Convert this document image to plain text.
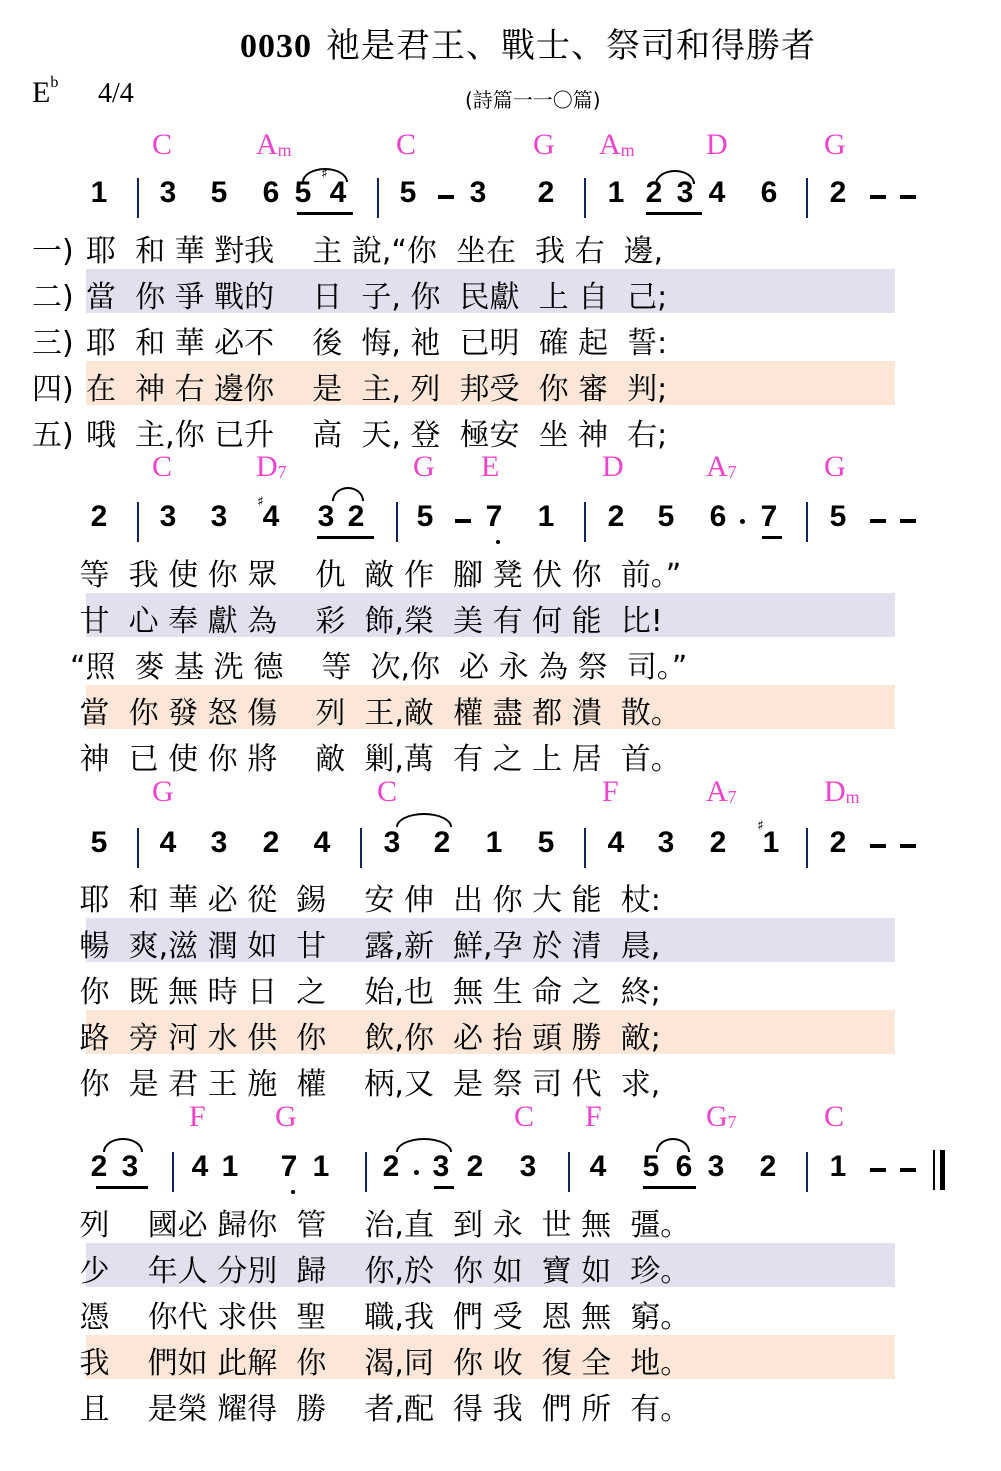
0030 祂是君王、戰士、祭司和得勝者
$E^b$ 4/4	(詩篇一一〇篇)
♯
♯
♯
C	$A_m$	C	G $A_m$ D	G
1 3 5 6 5 4 5 3 2 1 2 3 4 6 2
一) 耶  和 華 對我    主 說,“你  坐在  我 右  邊,
二) 當  你 爭 戰的    日  子, 你  民獻  上 自  己;
三) 耶  和 華 必不    後  悔, 祂  已明  確 起  誓:
四) 在  神 右 邊你    是  主, 列  邦受  你 審  判;
五) 哦  主,你 已升    高  天, 登  極安  坐 神  右;
C	$D_7$	G E	D	$A_7$	G
2 3 3 4 3 2 5 7 1 2 5 6 7 5
等  我 使 你 眾    仇  敵 作  腳 凳 伏 你  前。”
甘  心 奉 獻 為    彩  飾,榮  美 有 何 能  比!
“照  麥 基 洗 德    等  次,你  必 永 為 祭  司。”
當  你 發 怒 傷    列  王,敵  權 盡 都 潰  散。
神  已 使 你 將    敵  剿,萬  有 之 上 居  首。
G	C	F	$A_7$	$D_m$
5 4 3 2 4 3 2 1 5 4 3 2 1 2
耶  和 華 必 從  錫    安 伸  出 你 大 能  杖:
暢  爽,滋 潤 如  甘    露,新  鮮,孕 於 清  晨,
你  既 無 時 日  之    始,也  無 生 命 之  終;
路  旁 河 水 供  你    飲,你  必 抬 頭 勝  敵;
你  是 君 王 施  權    柄,又  是 祭 司 代  求,
F G	C F	$G_7$	C
2 3 4 1 7 1 2 3 2 3 4 5 6 3 2 1
列    國必 歸你  管    治,直  到 永  世 無  彊。
少    年人 分別  歸    你,於  你 如  寶 如  珍。
憑    你代 求供  聖    職,我  們 受  恩 無  窮。
我    們如 此解  你    渴,同  你 收  復 全  地。
且    是榮 耀得  勝    者,配  得 我  們 所  有。
